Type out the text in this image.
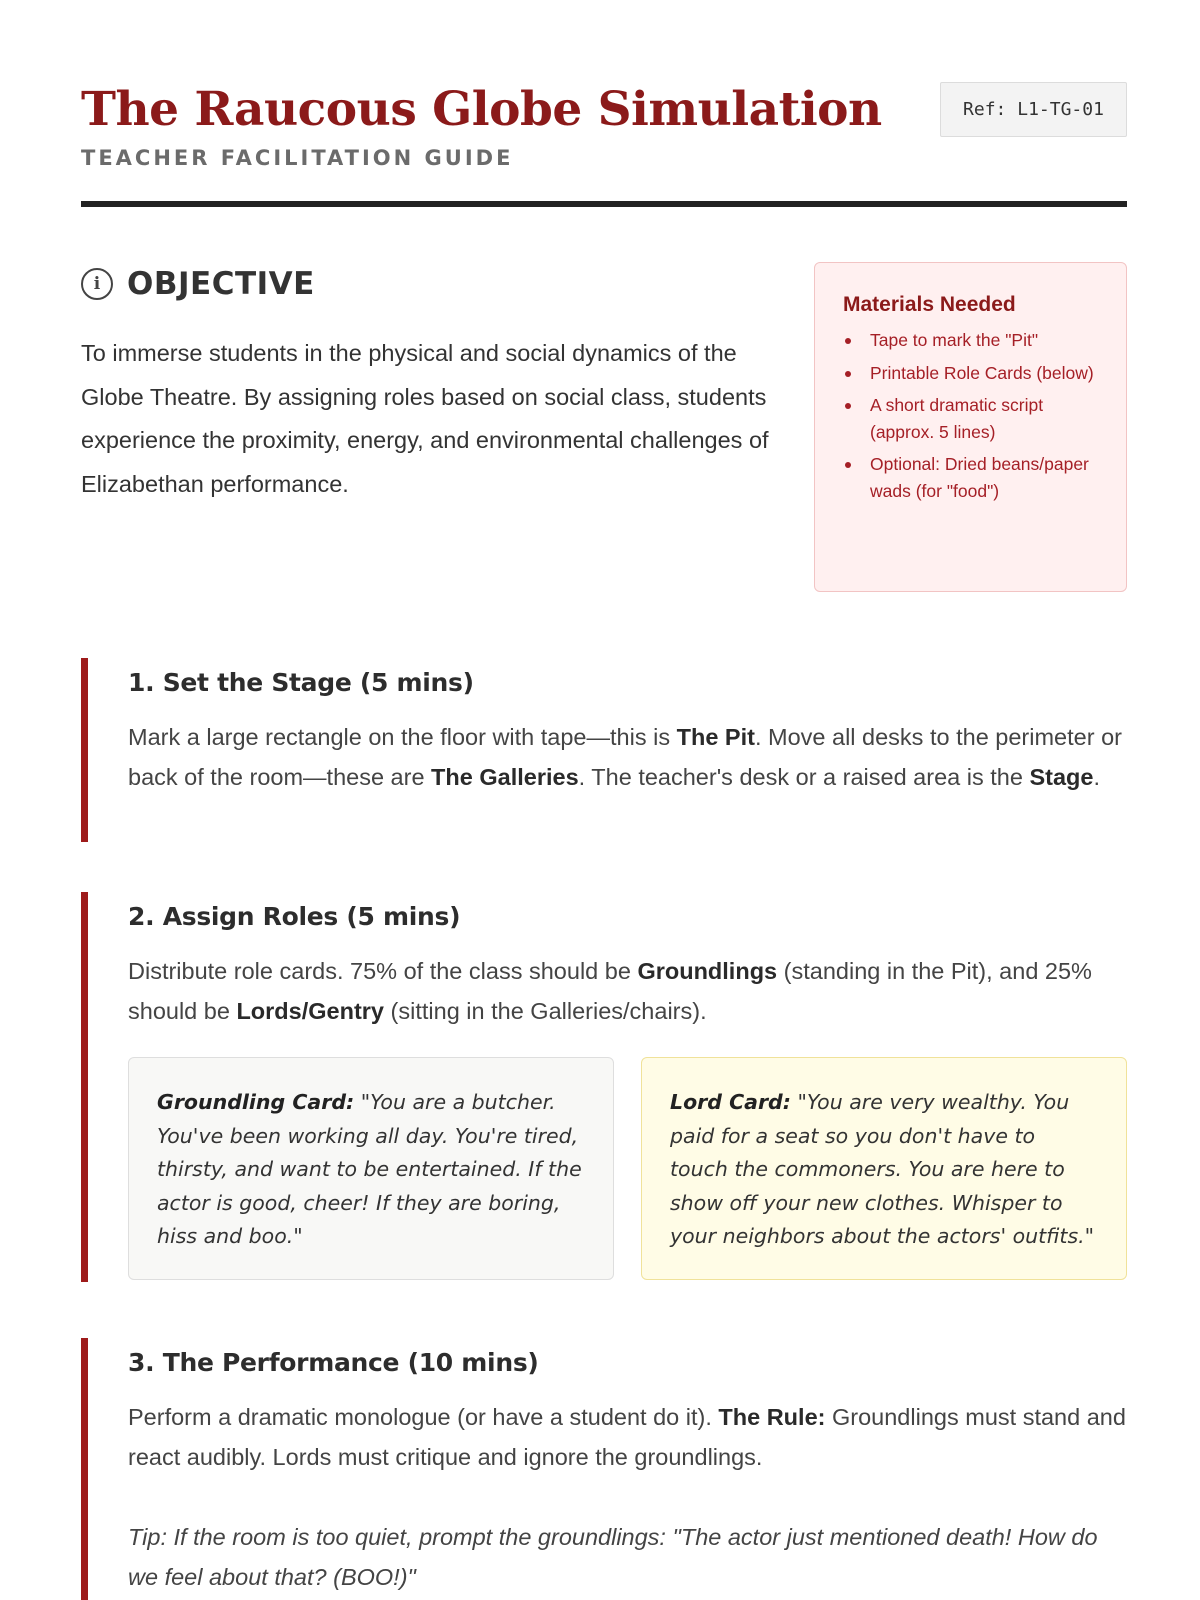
The Raucous Globe Simulation
TEACHER FACILITATION GUIDE
Ref: L1-TG-01
i OBJECTIVE

To immerse students in the physical and social dynamics of the Globe Theatre. By assigning roles based on social class, students experience the proximity, energy, and environmental challenges of Elizabethan performance.

Materials Needed
Tape to mark the "Pit"
Printable Role Cards (below)
A short dramatic script (approx. 5 lines)
Optional: Dried beans/paper wads (for "food")
1. Set the Stage (5 mins)

Mark a large rectangle on the floor with tape—this is The Pit. Move all desks to the perimeter or back of the room—these are The Galleries. The teacher's desk or a raised area is the Stage.

2. Assign Roles (5 mins)

Distribute role cards. 75% of the class should be Groundlings (standing in the Pit), and 25% should be Lords/Gentry (sitting in the Galleries/chairs).

Groundling Card: "You are a butcher. You've been working all day. You're tired, thirsty, and want to be entertained. If the actor is good, cheer! If they are boring, hiss and boo."
Lord Card: "You are very wealthy. You paid for a seat so you don't have to touch the commoners. You are here to show off your new clothes. Whisper to your neighbors about the actors' outfits."
3. The Performance (10 mins)

Perform a dramatic monologue (or have a student do it). The Rule: Groundlings must stand and react audibly. Lords must critique and ignore the groundlings.

Tip: If the room is too quiet, prompt the groundlings: "The actor just mentioned death! How do we feel about that? (BOO!)"
